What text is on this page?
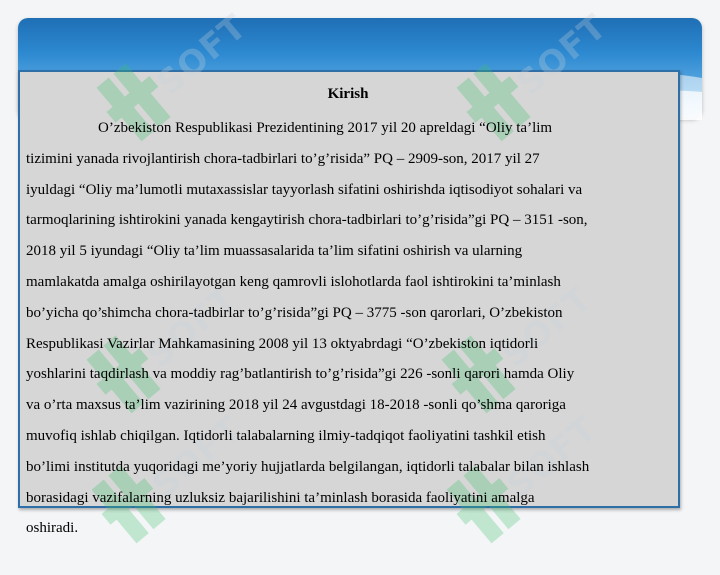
SOFT	SOFT
SOFT	SOFT
SOFT	SOFT
Kirish
O’zbekiston Respublikasi Prezidentining 2017 yil 20 apreldagi “Oliy ta’lim
tizimini yanada rivojlantirish chora-tadbirlari to’g’risida” PQ – 2909-son, 2017 yil 27
iyuldagi “Oliy ma’lumotli mutaxassislar tayyorlash sifatini oshirishda iqtisodiyot sohalari va
tarmoqlarining ishtirokini yanada kengaytirish chora-tadbirlari to’g’risida”gi PQ – 3151 -son,
2018 yil 5 iyundagi “Oliy ta’lim muassasalarida ta’lim sifatini oshirish va ularning
mamlakatda amalga oshirilayotgan keng qamrovli islohotlarda faol ishtirokini ta’minlash
bo’yicha qo’shimcha chora-tadbirlar to’g’risida”gi PQ – 3775 -son qarorlari, O’zbekiston
Respublikasi Vazirlar Mahkamasining 2008 yil 13 oktyabrdagi “O’zbekiston iqtidorli
yoshlarini taqdirlash va moddiy rag’batlantirish to’g’risida”gi 226 -sonli qarori hamda Oliy
va o’rta maxsus ta’lim vazirining 2018 yil 24 avgustdagi 18-2018 -sonli qo’shma qaroriga
muvofiq ishlab chiqilgan. Iqtidorli talabalarning ilmiy-tadqiqot faoliyatini tashkil etish
bo’limi institutda yuqoridagi me’yoriy hujjatlarda belgilangan, iqtidorli talabalar bilan ishlash
borasidagi vazifalarning uzluksiz bajarilishini ta’minlash borasida faoliyatini amalga
oshiradi.
